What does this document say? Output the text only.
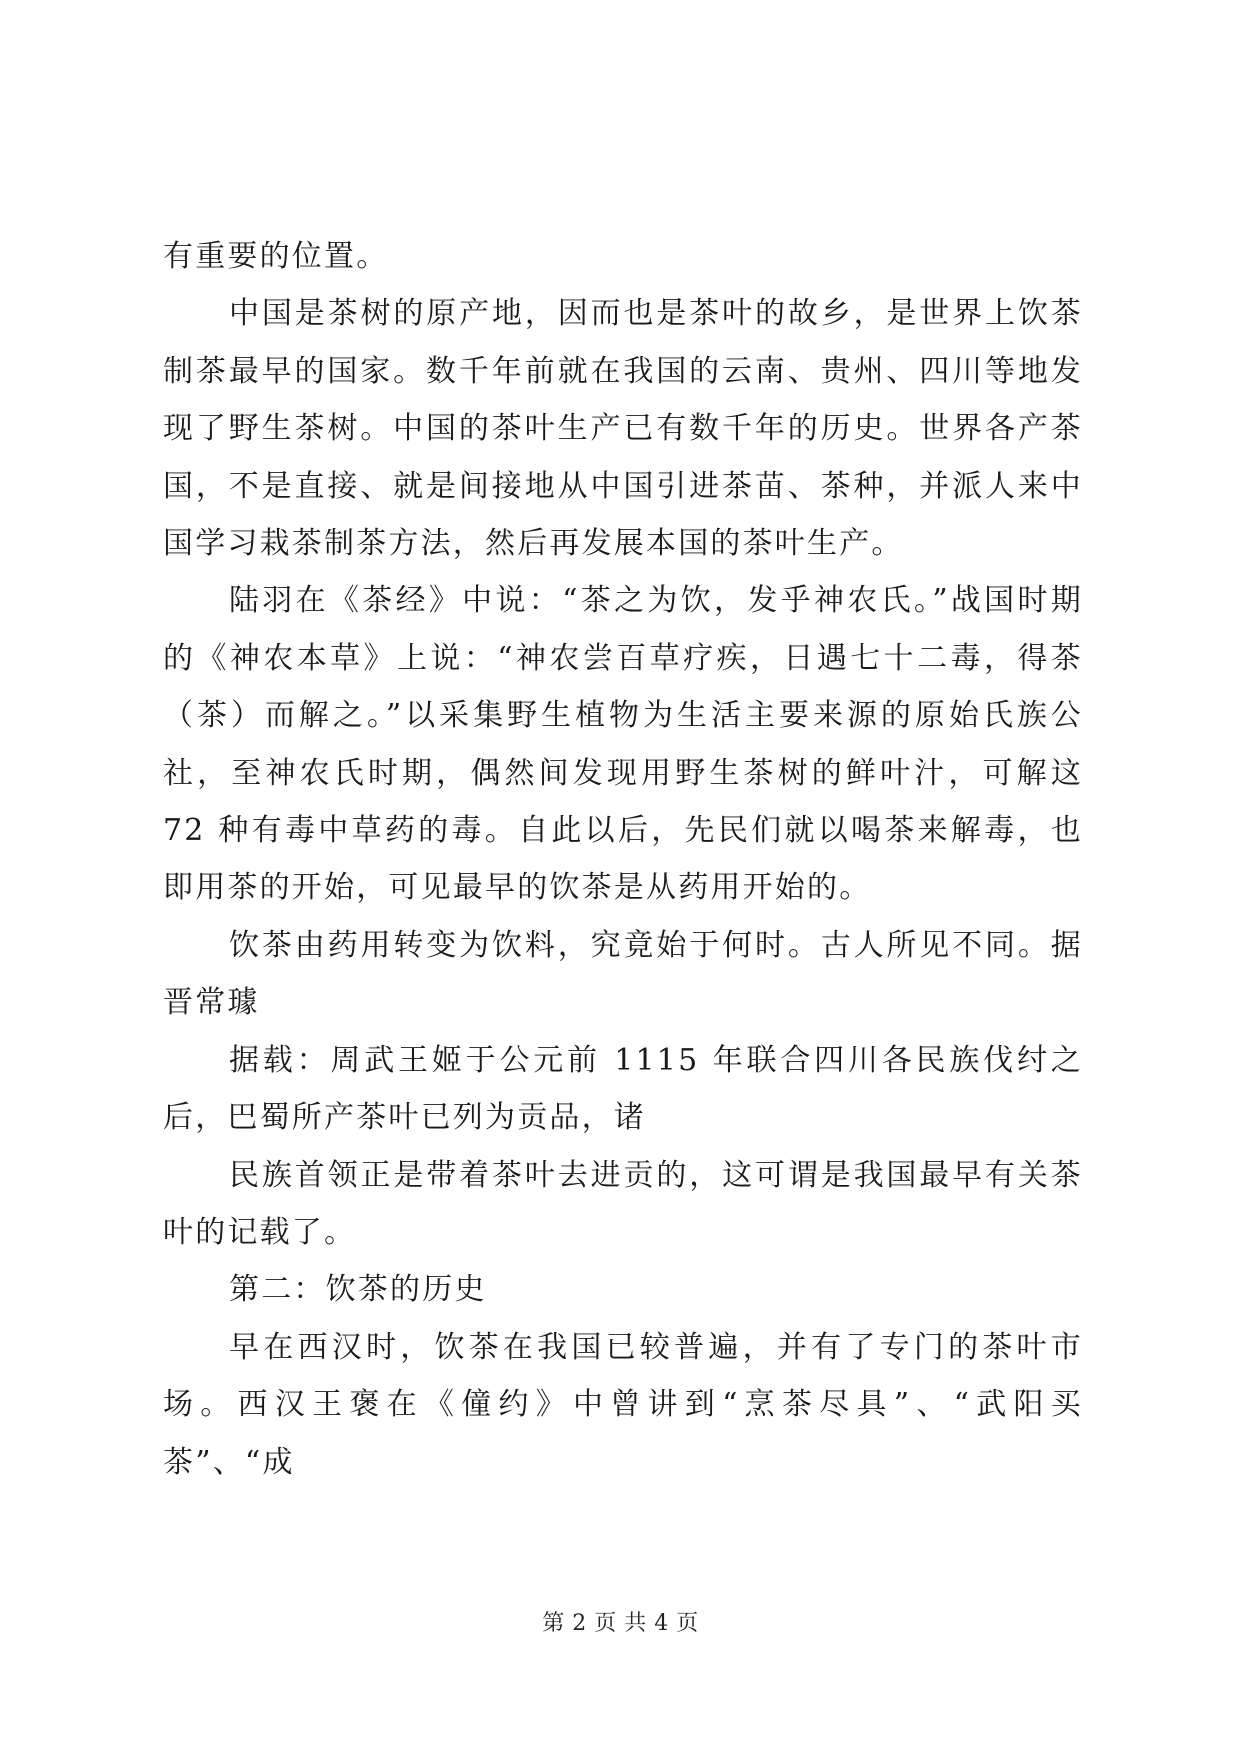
有重要的位置。

中国是茶树的原产地，因而也是茶叶的故乡，是世界上饮茶制茶最早的国家。数千年前就在我国的云南、贵州、四川等地发现了野生茶树。中国的茶叶生产已有数千年的历史。世界各产茶国，不是直接、就是间接地从中国引进茶苗、茶种，并派人来中国学习栽茶制茶方法，然后再发展本国的茶叶生产。

陆羽在《茶经》中说：“茶之为饮，发乎神农氏。”战国时期的《神农本草》上说：“神农尝百草疗疾，日遇七十二毒，得茶（茶）而解之。”以采集野生植物为生活主要来源的原始氏族公社，至神农氏时期，偶然间发现用野生茶树的鲜叶汁，可解这 72 种有毒中草药的毒。自此以后，先民们就以喝茶来解毒，也即用茶的开始，可见最早的饮茶是从药用开始的。

饮茶由药用转变为饮料，究竟始于何时。古人所见不同。据晋常璩

据载：周武王姬于公元前 1115 年联合四川各民族伐纣之后，巴蜀所产茶叶已列为贡品，诸

民族首领正是带着茶叶去进贡的，这可谓是我国最早有关茶叶的记载了。

第二：饮茶的历史

早在西汉时，饮茶在我国已较普遍，并有了专门的茶叶市场。西汉王褒在《僮约》中曾讲到“烹茶尽具”、“武阳买茶”、“成

第 2 页 共 4 页
